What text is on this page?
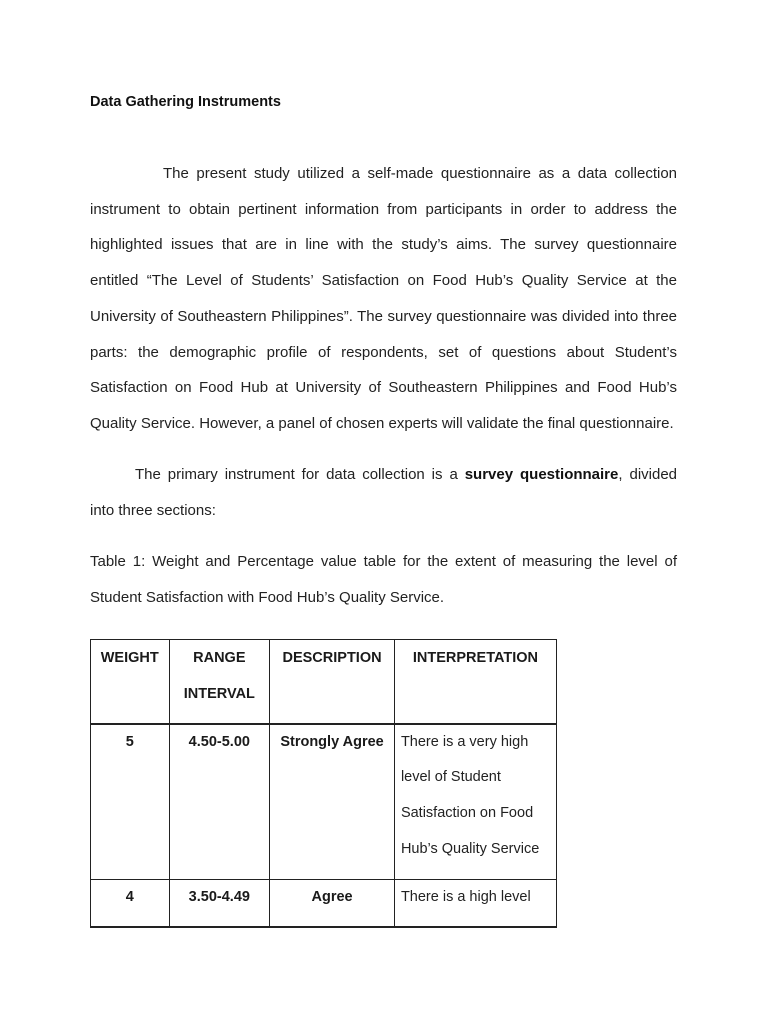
Data Gathering Instruments
The present study utilized a self-made questionnaire as a data collection instrument to obtain pertinent information from participants in order to address the highlighted issues that are in line with the study’s aims. The survey questionnaire entitled “The Level of Students’ Satisfaction on Food Hub’s Quality Service at the University of Southeastern Philippines”. The survey questionnaire was divided into three parts: the demographic profile of respondents, set of questions about Student’s Satisfaction on Food Hub at University of Southeastern Philippines and Food Hub’s Quality Service. However, a panel of chosen experts will validate the final questionnaire.
The primary instrument for data collection is a survey questionnaire, divided into three sections:
Table 1: Weight and Percentage value table for the extent of measuring the level of Student Satisfaction with Food Hub’s Quality Service.
WEIGHT	RANGE INTERVAL	DESCRIPTION	INTERPRETATION
5	4.50-5.00	Strongly Agree	There is a very high level of Student Satisfaction on Food Hub’s Quality Service
4	3.50-4.49	Agree	There is a high level
